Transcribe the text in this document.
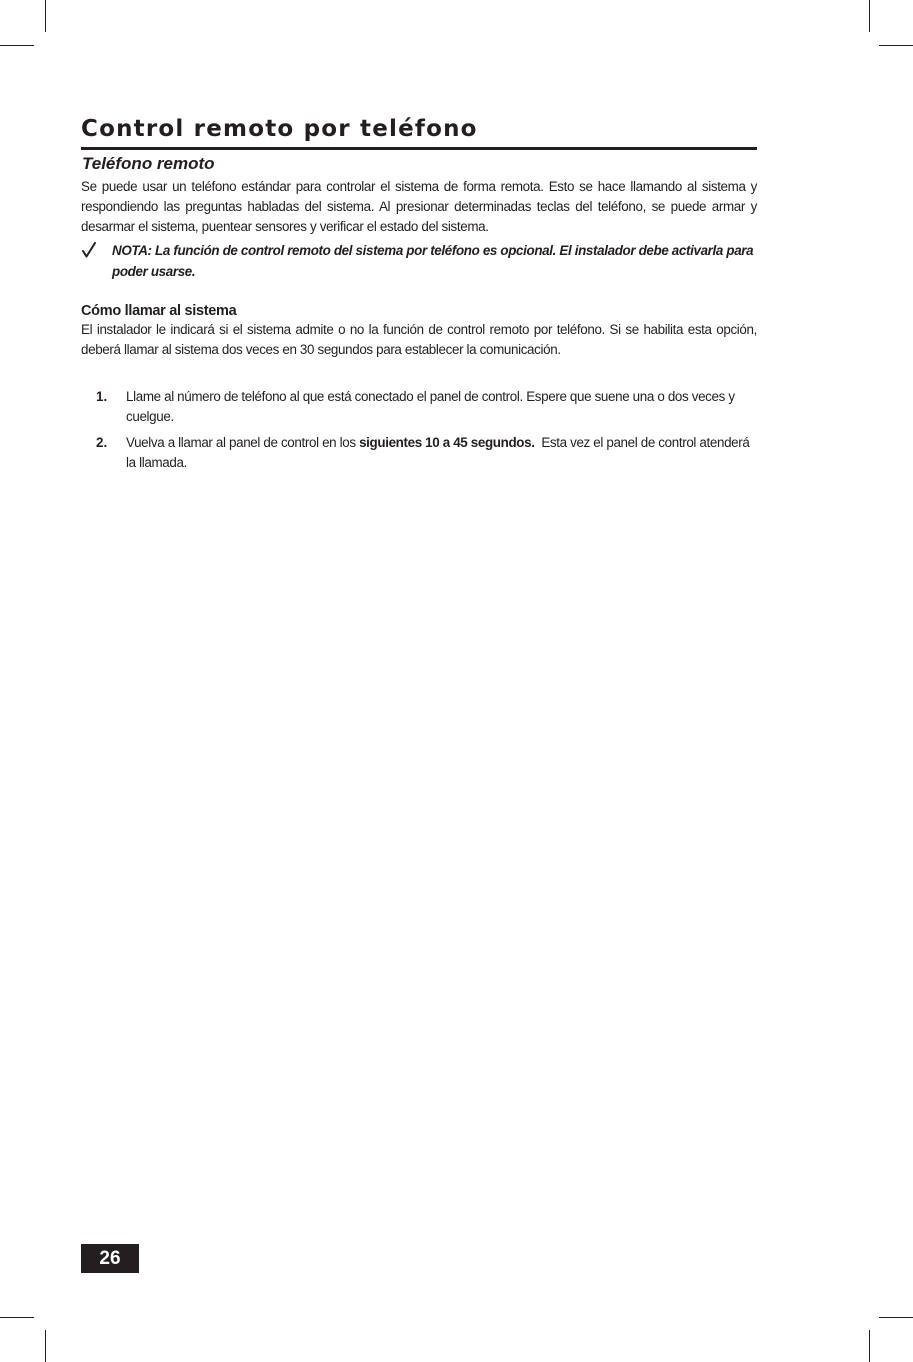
Control remoto por teléfono
Teléfono remoto
Se puede usar un teléfono estándar para controlar el sistema de forma remota. Esto se hace llamando al sistema y respondiendo las preguntas habladas del sistema. Al presionar determinadas teclas del teléfono, se puede armar y desarmar el sistema, puentear sensores y verificar el estado del sistema.
NOTA: La función de control remoto del sistema por teléfono es opcional. El instalador debe activarla para poder usarse.
Cómo llamar al sistema
El instalador le indicará si el sistema admite o no la función de control remoto por teléfono. Si se habilita esta opción, deberá llamar al sistema dos veces en 30 segundos para establecer la comunicación.
1. Llame al número de teléfono al que está conectado el panel de control. Espere que suene una o dos veces y cuelgue.
2. Vuelva a llamar al panel de control en los siguientes 10 a 45 segundos.  Esta vez el panel de control atenderá la llamada.
26
